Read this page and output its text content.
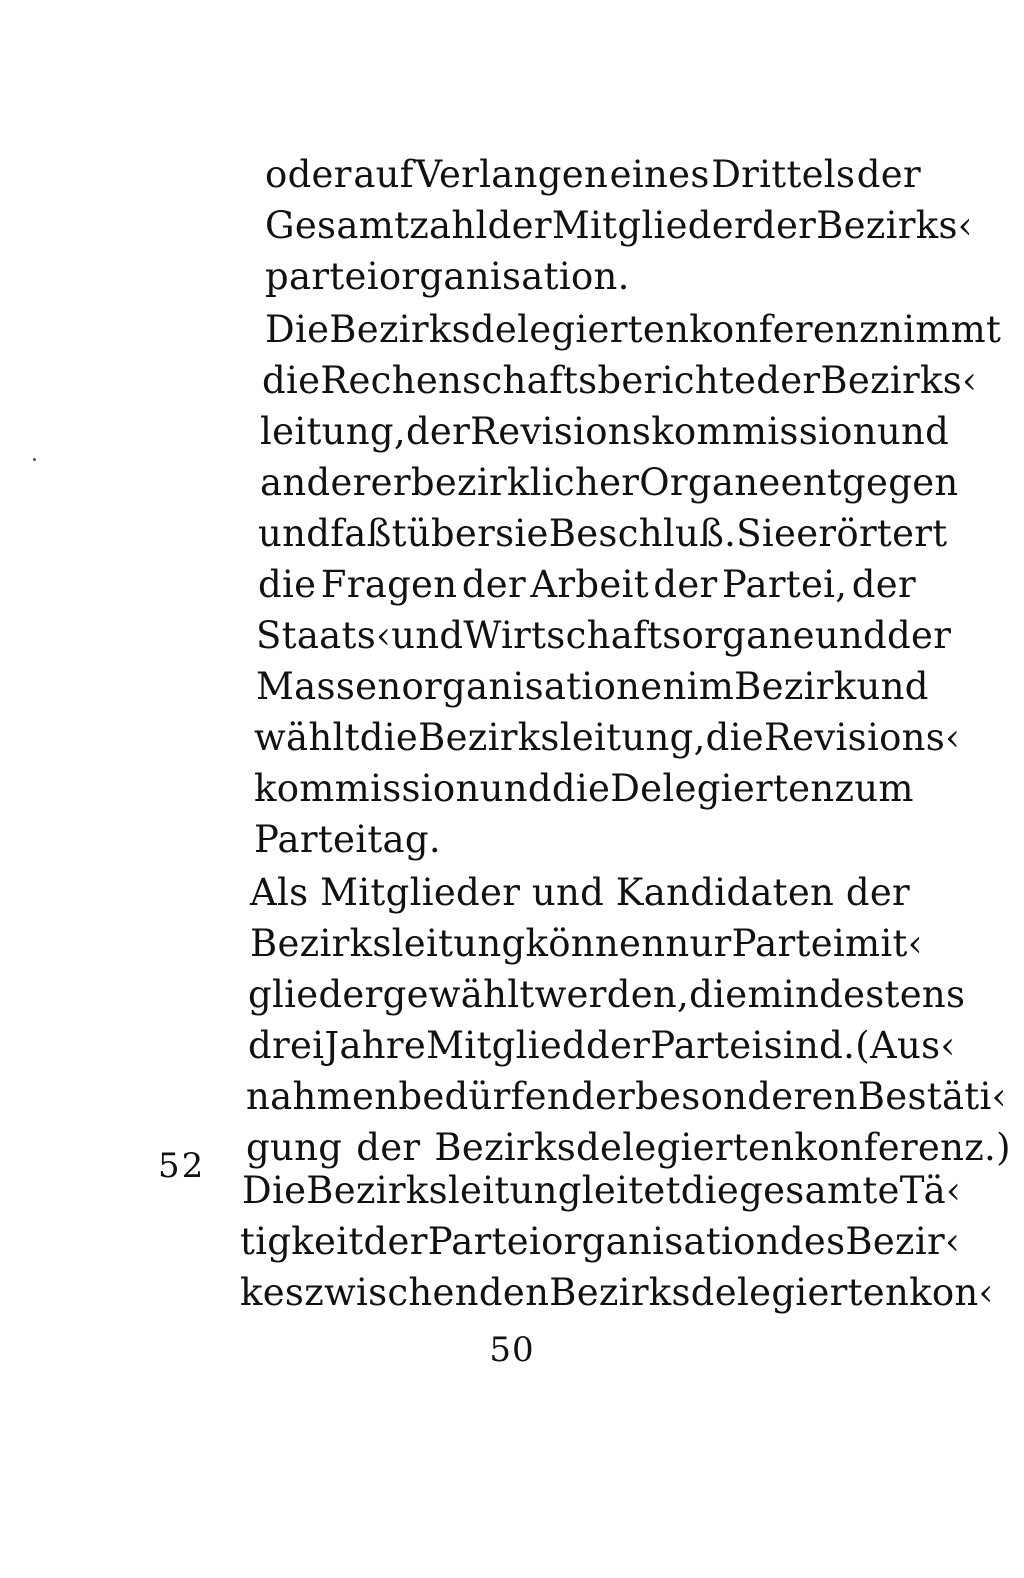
oder auf Verlangen eines Drittels der
Gesamtzahl der Mitglieder der Bezirks‹
parteiorganisation.
Die Bezirksdelegiertenkonferenz nimmt
die Rechenschaftsberichte der Bezirks‹
leitung, der Revisionskommission und
anderer bezirklicher Organe entgegen
und faßt über sie Beschluß. Sie erörtert
die Fragen der Arbeit der Partei, der
Staats‹ und Wirtschaftsorgane und der
Massenorganisationen im Bezirk und
wählt die Bezirksleitung, die Revisions‹
kommission und die Delegierten zum
Parteitag.
Als Mitglieder und Kandidaten der
Bezirksleitung können nur Parteimit‹
glieder gewählt werden, die mindestens
drei Jahre Mitglied der Partei sind. (Aus‹
nahmen bedürfen der besonderen Bestäti‹
gung der Bezirksdelegiertenkonferenz.)
Die Bezirksleitung leitet die gesamte Tä‹
tigkeit der Parteiorganisation des Bezir‹
kes zwischen den Bezirksdelegiertenkon‹
52
50
